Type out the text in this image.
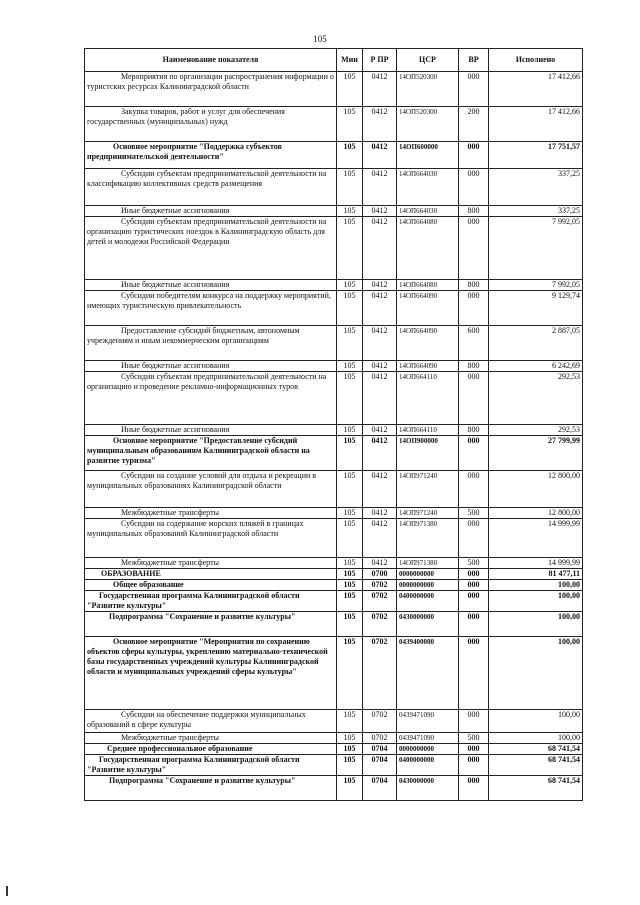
105
Наименование показателя	Мин	Р ПР	ЦСР	ВР	Исполнено
Мероприятия по организации распространения информации о туристских ресурсах Калининградской области	105	0412	14ОП520300	000	17 412,66
Закупка товаров, работ и услуг для обеспечения государственных (муниципальных) нужд	105	0412	14ОП520300	200	17 412,66
Основное мероприятие "Поддержка субъектов предпринимательской деятельности"	105	0412	14ОП600000	000	17 751,57
Субсидии субъектам предпринимательской деятельности на классификацию коллективных средств размещения	105	0412	14ОП664030	000	337,25
Иные бюджетные ассигнования	105	0412	14ОП664030	800	337,25
Субсидии субъектам предпринимательской деятельности на организацию туристических поездок в Калининградскую область для детей и молодежи Российской Федерации	105	0412	14ОП664080	000	7 992,05
Иные бюджетные ассигнования	105	0412	14ОП664080	800	7 992,05
Субсидии победителям конкурса на поддержку мероприятий, имеющих туристическую привлекательность	105	0412	14ОП664090	000	9 129,74
Предоставление субсидий бюджетным, автономным учреждениям и иным некоммерческим организациям	105	0412	14ОП664090	600	2 887,05
Иные бюджетные ассигнования	105	0412	14ОП664090	800	6 242,69
Субсидии субъектам предпринимательской деятельности на организацию и проведение рекламно-информационных туров	105	0412	14ОП664110	000	292,53
Иные бюджетные ассигнования	105	0412	14ОП664110	800	292,53
Основное мероприятие "Предоставление субсидий муниципальным образованиям Калининградской области на развитие туризма"	105	0412	14ОП900000	000	27 799,99
Субсидии на создание условий для отдыха и рекреации в муниципальных образованиях Калининградской области	105	0412	14ОП971240	000	12 800,00
Межбюджетные трансферты	105	0412	14ОП971240	500	12 800,00
Субсидии на содержание морских пляжей в границах муниципальных образований Калининградской области	105	0412	14ОП971380	000	14 999,99
Межбюджетные трансферты	105	0412	14ОП971380	500	14 999,99
ОБРАЗОВАНИЕ	105	0700	0000000000	000	81 477,11
Общее образование	105	0702	0000000000	000	100,00
Государственная программа Калининградской области "Развитие культуры"	105	0702	0400000000	000	100,00
Подпрограмма "Сохранение и развитие культуры"	105	0702	0430000000	000	100,00
Основное мероприятие "Мероприятия по сохранению объектов сферы культуры, укреплению материально-технической базы государственных учреждений культуры Калининградской области и муниципальных учреждений сферы культуры"	105	0702	0439400000	000	100,00
Субсидии на обеспечение поддержки муниципальных образований в сфере культуры	105	0702	0439471090	000	100,00
Межбюджетные трансферты	105	0702	0439471090	500	100,00
Среднее профессиональное образование	105	0704	0000000000	000	68 741,54
Государственная программа Калининградской области "Развитие культуры"	105	0704	0400000000	000	68 741,54
Подпрограмма "Сохранение и развитие культуры"	105	0704	0430000000	000	68 741,54
